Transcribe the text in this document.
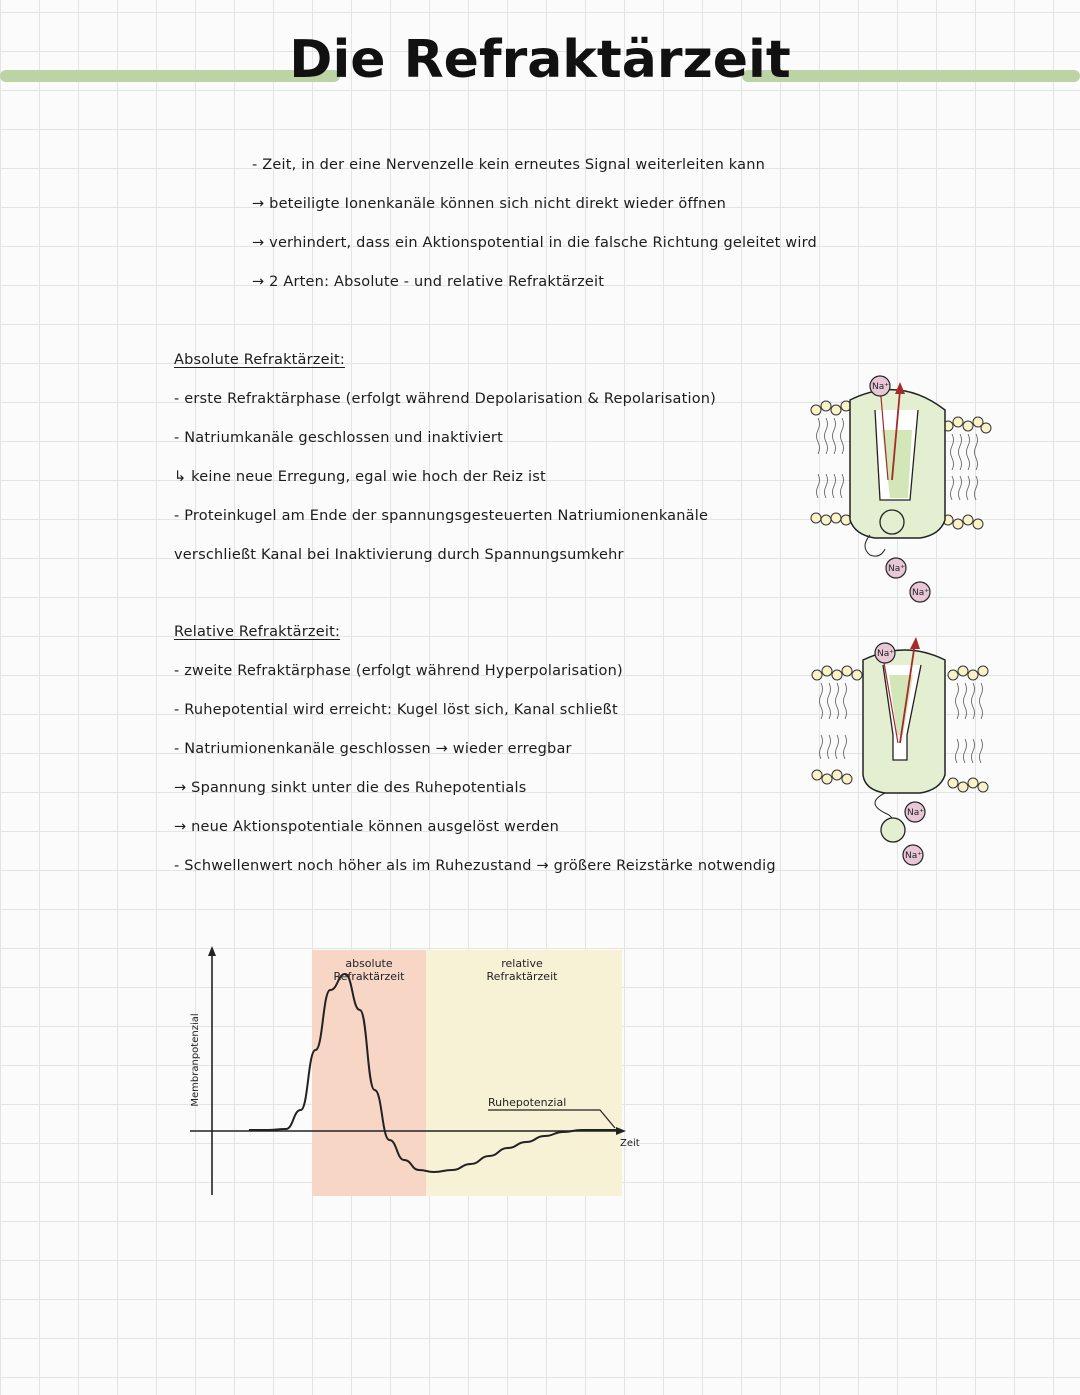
Die Refraktärzeit
- Zeit, in der eine Nervenzelle kein erneutes Signal weiterleiten kann
→ beteiligte Ionenkanäle können sich nicht direkt wieder öffnen
→ verhindert, dass ein Aktionspotential in die falsche Richtung geleitet wird
→ 2 Arten: Absolute - und relative Refraktärzeit
Absolute Refraktärzeit:
- erste Refraktärphase (erfolgt während Depolarisation & Repolarisation)
- Natriumkanäle geschlossen und inaktiviert
↳ keine neue Erregung, egal wie hoch der Reiz ist
- Proteinkugel am Ende der spannungsgesteuerten Natriumionenkanäle
verschließt Kanal bei Inaktivierung durch Spannungsumkehr
Relative Refraktärzeit:
- zweite Refraktärphase (erfolgt während Hyperpolarisation)
- Ruhepotential wird erreicht: Kugel löst sich, Kanal schließt
- Natriumionenkanäle geschlossen → wieder erregbar
→ Spannung sinkt unter die des Ruhepotentials
→ neue Aktionspotentiale können ausgelöst werden
- Schwellenwert noch höher als im Ruhezustand → größere Reizstärke notwendig
Na⁺
Na⁺
Na⁺
Na⁺
Na⁺
Na⁺
absolute
Refraktärzeit
relative
Refraktärzeit
Membranpotenzial
Zeit
Ruhepotenzial
